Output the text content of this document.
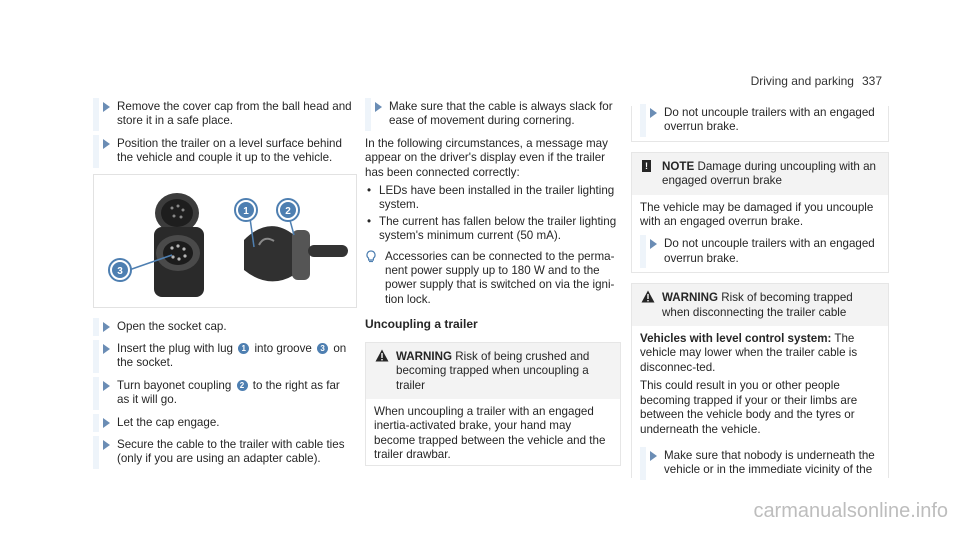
Driving and parking 337
Remove the cover cap from the ball head and store it in a safe place.
Position the trailer on a level surface behind the vehicle and couple it up to the vehicle.
1	2
3
Open the socket cap.
Insert the plug with lug 1 into groove 3 on the socket.
Turn bayonet coupling 2 to the right as far as it will go.
Let the cap engage.
Secure the cable to the trailer with cable ties (only if you are using an adapter cable).
Make sure that the cable is always slack for ease of movement during cornering.

In the following circumstances, a message may appear on the driver's display even if the trailer has been connected correctly:

• LEDs have been installed in the trailer lighting system.
• The current has fallen below the trailer lighting system's minimum current (50 mA).
Accessories can be connected to the perma-nent power supply up to 180 W and to the power supply that is switched on via the igni-tion lock.
Uncoupling a trailer
WARNING Risk of being crushed and becoming trapped when uncoupling a trailer
When uncoupling a trailer with an engaged inertia-activated brake, your hand may become trapped between the vehicle and the trailer drawbar.
Do not uncouple trailers with an engaged overrun brake.
! NOTE Damage during uncoupling with an engaged overrun brake
The vehicle may be damaged if you uncouple with an engaged overrun brake.
Do not uncouple trailers with an engaged overrun brake.
WARNING Risk of becoming trapped when disconnecting the trailer cable

Vehicles with level control system: The vehicle may lower when the trailer cable is disconnec-ted.

This could result in you or other people becoming trapped if your or their limbs are between the vehicle body and the tyres or underneath the vehicle.

Make sure that nobody is underneath the vehicle or in the immediate vicinity of the
carmanualsonline.info
